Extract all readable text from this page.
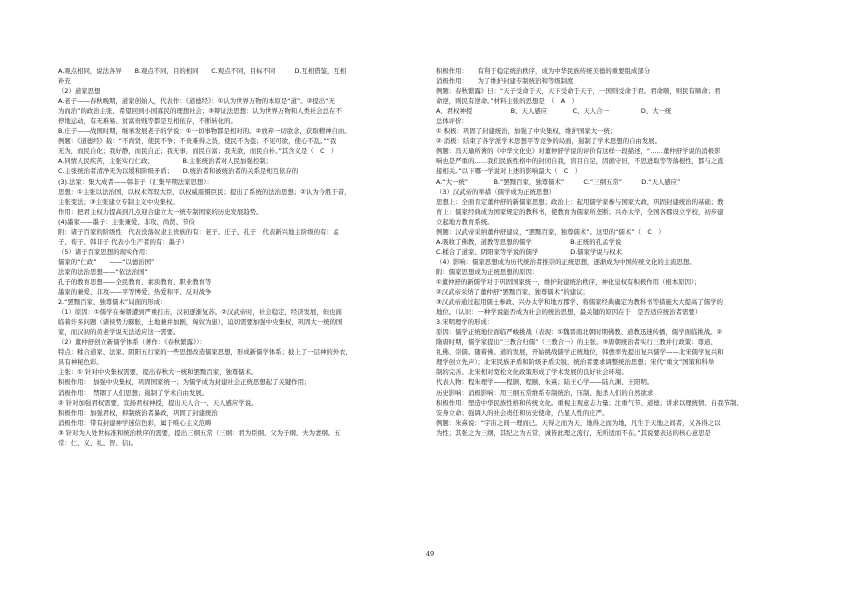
A.观点相同，说法各异　　B.观点不同，目的相同　　C.观点不同，目标不同　　　D.互相借鉴，互相
补充
（2）道家思想
A.老子——春秋晚期，道家创始人，代表作：《道德经》：①认为世界万物的本原是“道”。②提出“无
为而治”的政治主张，希望回到小国寡民的理想社会；③辩证法思想：认为世界万物和人类社会总在不
停地运动，有无难易、贫富贵贱等都是互相依存，不断转化的。
B.庄子——战国时期，继承发展老子的学说：①一切事物都是相对的。②放弃一切欲念，获取精神自由。
例题：《道德经》载：“不尚贤，使民不争；不贵难得之货，使民不为盗；不见可欲，使心不乱。”“我
无为，而民自化；我好静，而民自正；我无事，而民自富；我无欲，而民自朴。”其含义是（　C　）
A.同情人民疾苦，主张实行仁政；　　　　　B.主张统治者对人民加强控制；
C.主张统治者清净无为以缓和阶级矛盾；　　D.统治者和被统治者的关系是相互依存的
(3).法家：集大成者——韩非子（汇集早期法家思想）：
思想：①主张以法治国，以权术驾驭大臣，以权威震慑臣民；提出了系统的法治思想；②认为今胜于昔，
主张变法；③主张建立专制主义中央集权。
作用：把君主权力提高到几点迎合建立大一统专制国家的历史发展趋势。
(4)墨家——墨子：主张兼爱、非攻、尚贤、节俭
附：诸子百家的阶级性　代表没落奴隶主贵族的有：老子、庄子、孔子　代表新兴地主阶级的有：孟
子、荀子、韩非子 代表小生产者的有：墨子）
（5）诸子百家思想的现实作用：
儒家的“仁政”　　——“以德治国”
法家的法治思想——“依法治国”
孔子的教育思想——全民教育、素质教育、职业教育等
墨家的兼爱、非攻——平等博爱、热爱和平、反对战争
2.“罢黜百家、独尊儒术”局面的形成：
（1）原因：①儒学在秦朝遭到严重打击，汉初逐渐复苏。②汉武帝时，社会稳定，经济发展，但也面
临着许多问题（诸侯势力膨胀，土地兼并加剧，匈奴为患），迫切需要加强中央集权，巩固大一统的国
家，而汉初的黄老学说无法适应这一需要。
（2）董仲舒创立新儒学体系（著作：《春秋繁露》）：
特点：糅合道家、法家、阴阳五行家的一些思想改造儒家思想，形成新儒学体系；披上了一层神的外衣，
具有神秘色彩。
主张：① 针对中央集权需要，提出春秋大一统和罢黜百家，独尊儒术。
积极作用：　加强中央集权，巩固国家统一；为儒学成为封建社会正统思想起了关键作用；
消极作用：　禁锢了人们思想；遏制了学术自由发展。
② 针对加强君权需要，宣扬君权神授，提出天人合一、天人感应学说。
积极作用：加强君权，抑制统治者暴政，巩固了封建统治
消极作用：带有封建神学迷信色彩，属于唯心主义范畴
③ 针对为人处世标准和统治秩序的需要，提出三纲五常（三纲：君为臣纲、父为子纲、夫为妻纲。五
常：仁、义、礼、智、信)。
积极作用：　　有利于稳定统治秩序，成为中华民族传统美德的重要组成部分
消极作用：　　为了维护封建专制统治和等级制度
例题：春秋繁露》曰：“天子受命于天，天下受命于天子，一国则受命于君。君命顺，则民有顺命；君
命逆，则民有逆命。”材料主张的思想是　（　A　）
A、君权神授　　　　　　B、天人感应　　　　C、天人合一　　　　　D、大一统
总体评价：
① 积极：巩固了封建统治，加强了中央集权，维护国家大一统；
② 消极：结束了各学派学术思想平等竞争的局面，遏制了学术思想的自由发展。
例题：冯天瑜所著的《中华文化史》对董仲舒学说的评价有这样一段描述，“……董仲舒学说的消极影
响也是严重的……我们民族性格中的封闭自我，盲目自足，因循守旧，不思进取等等落根性，都与之直
接相关。”以下哪一学说对上述的影响最大（　C　）
A.“大一统”　　　　B.“罢黜百家，独尊儒术”　　　C.“三纲五常”　　　D.“天人感应”
（3）汉武帝的举措（儒学成为正统思想）
思想上：全面肯定董仲舒的新儒家思想；政治上：起用儒学家参与国家大政，巩固封建统治的基础；教
育上：儒家经典成为国家规定的教科书，使教育为儒家所垄断；兴办太学，全国各郡设立学校，初步建
立起地方教育系统。
例题：汉武帝采纳董仲舒建议，“罢黜百家，独尊儒术”。这里的“儒术”（　C　）
A.吸收了佛教、道教等思想的儒学　　　　　　B.正统的孔孟学说
C.糅合了道家、阴阳家等学说的儒学　　　　　D.儒家学说与权术
（4）影响：儒家思想成为历代统治者推崇的正统思想，逐渐成为中国传统文化的主流思想。
附：儒家思想成为正统思想的原因：
①董仲舒的新儒学对于巩固国家统一，维护封建统治秩序，神化皇权有积极作用（根本原因）；
②汉武帝采纳了董仲舒“罢黜百家、独尊儒术”的建议；
③汉武帝通过起用儒士参政、兴办太学和地方郡学、将儒家经典确定为教科书等措施大大提高了儒学的
地位。（认识：一种学说能否成为社会的统治思想，最关键的原因在于　是否适应统治者需要）
3.宋明理学的形成：
原因：儒学正统地位面临严峻挑战（表现：①魏晋南北朝时期佛教、道教迅速传播，儒学面临挑战。②
隋唐时期，儒学家提出“三教合归儒”（三教合一）的主张。③唐朝统治者实行三教并行政策：尊道、
礼佛、崇儒。随着佛、道的发展，开始挑战儒学正统地位，韩愈率先提出复兴儒学——北宋儒学复兴和
理学创立先声）；北宋民族矛盾和阶级矛盾尖锐，统治者要求调整统治思想；宋代“重文”国策和科举
制的完善、北宋相对宽松文化政策形成了学术发展的良好社会环境。
代表人物：程朱理学——程颢、程颐、朱熹；陆王心学——陆九渊、王阳明。
历史影响：消极影响：用三纲五常维系专制统治，压制、扼杀人们的自然欲求
积极作用：塑造中华民族性格和传统文化。重视主观意志力量；注重气节、道德；讲求以理统情、自我节制、
安身立命；强调人的社会责任和历史使命，凸显人性的庄严。
例题：朱熹说：“宇宙之间一理而已。天得之而为天，地得之而为地，凡生于天地之间者，又各得之以
为性；其张之为三纲，其纪之为五常，诚皆此理之流行，无所适而不在。”其说要表达的核心意思是
49
